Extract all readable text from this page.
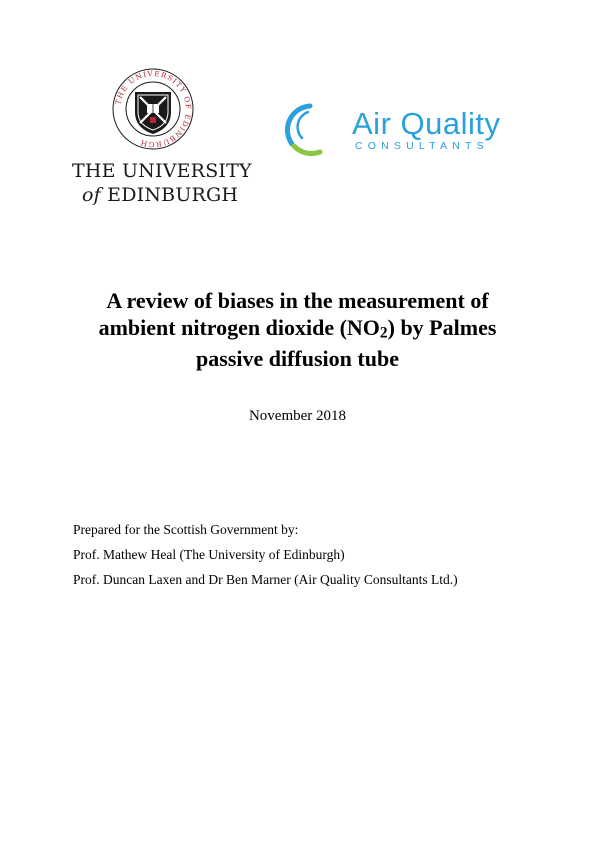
THE UNIVERSITY OF EDINBURGH
THE UNIVERSITY
of EDINBURGH
Air Quality
CONSULTANTS
A review of biases in the measurement of
ambient nitrogen dioxide (NO2) by Palmes
passive diffusion tube
November 2018
Prepared for the Scottish Government by:
Prof. Mathew Heal (The University of Edinburgh)
Prof. Duncan Laxen and Dr Ben Marner (Air Quality Consultants Ltd.)
